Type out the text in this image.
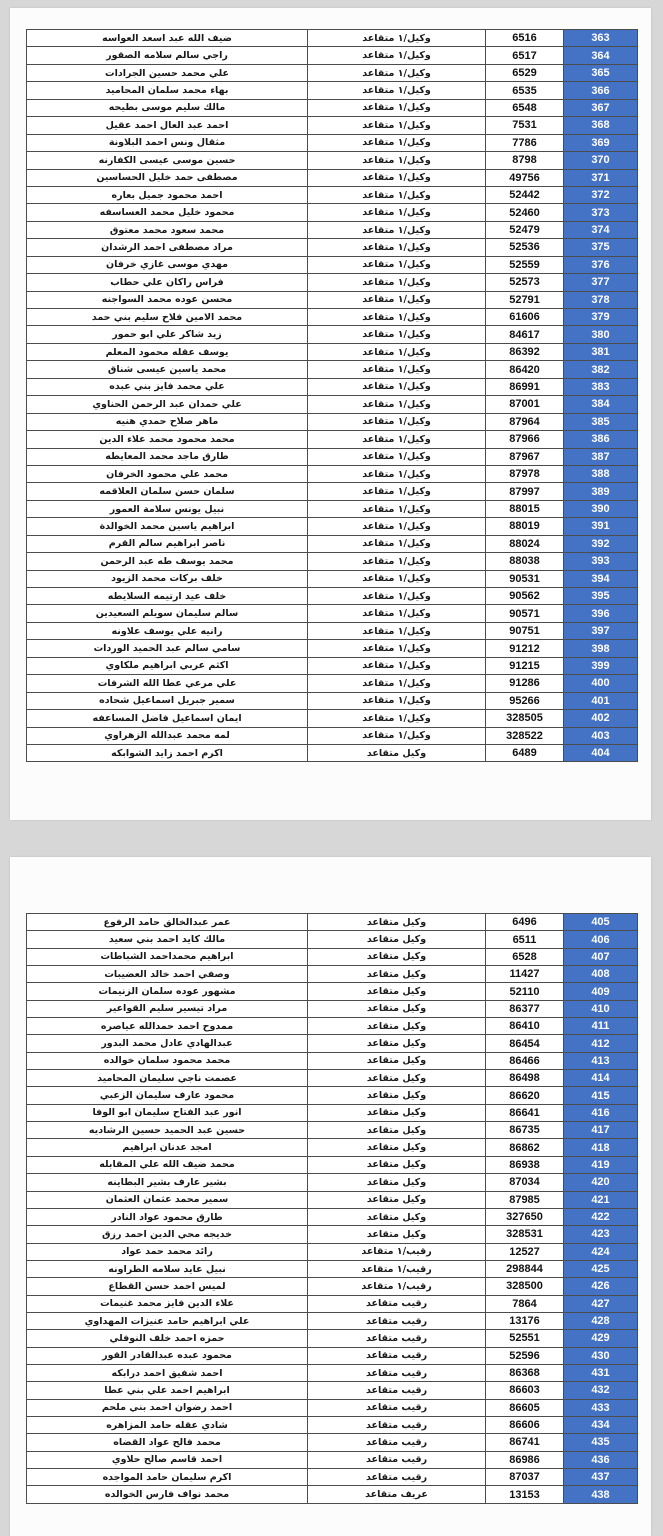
ضيف الله عبد اسعد العواسه	وكيل/١ متقاعد	6516	363
راجي سالم سلامه الصقور	وكيل/١ متقاعد	6517	364
علي محمد حسين الجرادات	وكيل/١ متقاعد	6529	365
بهاء محمد سلمان المحاميد	وكيل/١ متقاعد	6535	366
مالك سليم موسى بطيحه	وكيل/١ متقاعد	6548	367
احمد عبد العال احمد عقيل	وكيل/١ متقاعد	7531	368
مثقال ونس احمد البلاونة	وكيل/١ متقاعد	7786	369
حسين موسى عيسى الكفارنه	وكيل/١ متقاعد	8798	370
مصطفى حمد خليل الحساسين	وكيل/١ متقاعد	49756	371
احمد محمود جميل بعاره	وكيل/١ متقاعد	52442	372
محمود خليل محمد العساسفه	وكيل/١ متقاعد	52460	373
محمد سعود محمد معتوق	وكيل/١ متقاعد	52479	374
مراد مصطفى احمد الرشدان	وكيل/١ متقاعد	52536	375
مهدي موسى غازي خرفان	وكيل/١ متقاعد	52559	376
فراس راكان علي حطاب	وكيل/١ متقاعد	52573	377
محسن عوده محمد السواجنه	وكيل/١ متقاعد	52791	378
محمد الامين فلاح سليم بني حمد	وكيل/١ متقاعد	61606	379
زيد شاكر علي ابو حمور	وكيل/١ متقاعد	84617	380
يوسف عقله محمود المعلم	وكيل/١ متقاعد	86392	381
محمد ياسين عيسى شناق	وكيل/١ متقاعد	86420	382
علي محمد فايز بني عبده	وكيل/١ متقاعد	86991	383
علي حمدان عبد الرحمن الحناوي	وكيل/١ متقاعد	87001	384
ماهر صلاح حمدي هنيه	وكيل/١ متقاعد	87964	385
محمد محمود محمد علاء الدين	وكيل/١ متقاعد	87966	386
طارق ماجد محمد المعايطه	وكيل/١ متقاعد	87967	387
محمد علي محمود الخرفان	وكيل/١ متقاعد	87978	388
سلمان حسن سلمان العلاقمه	وكيل/١ متقاعد	87997	389
نبيل يونس سلامة العمور	وكيل/١ متقاعد	88015	390
ابراهيم ياسين محمد الخوالدة	وكيل/١ متقاعد	88019	391
ناصر ابراهيم سالم القرم	وكيل/١ متقاعد	88024	392
محمد يوسف طه عبد الرحمن	وكيل/١ متقاعد	88038	393
خلف بركات محمد الزيود	وكيل/١ متقاعد	90531	394
خلف عيد ارتيمه السلايطه	وكيل/١ متقاعد	90562	395
سالم سليمان سويلم السعيدين	وكيل/١ متقاعد	90571	396
رانيه علي يوسف علاونه	وكيل/١ متقاعد	90751	397
سامي سالم عبد الحميد الوردات	وكيل/١ متقاعد	91212	398
اكثم عربي ابراهيم ملكاوي	وكيل/١ متقاعد	91215	399
علي مرعي عطا الله الشرفات	وكيل/١ متقاعد	91286	400
سمير جبريل اسماعيل شحاده	وكيل/١ متقاعد	95266	401
ايمان اسماعيل فاضل المساعفه	وكيل/١ متقاعد	328505	402
لمه محمد عبدالله الزهراوي	وكيل/١ متقاعد	328522	403
اكرم احمد زايد الشوابكه	وكيل متقاعد	6489	404
عمر عبدالخالق حامد الرفوع	وكيل متقاعد	6496	405
مالك كايد احمد بني سعيد	وكيل متقاعد	6511	406
ابراهيم محمداحمد الشباطات	وكيل متقاعد	6528	407
وصفي احمد خالد العضيبات	وكيل متقاعد	11427	408
مشهور عوده سلمان الزنيمات	وكيل متقاعد	52110	409
مراد تيسير سليم القواعير	وكيل متقاعد	86377	410
ممدوح احمد حمدالله عياصره	وكيل متقاعد	86410	411
عبدالهادي عادل محمد البدور	وكيل متقاعد	86454	412
محمد محمود سلمان خوالده	وكيل متقاعد	86466	413
عصمت ناجي سليمان المحاميد	وكيل متقاعد	86498	414
محمود عارف سليمان الزعبي	وكيل متقاعد	86620	415
انور عبد الفتاح سليمان ابو الوفا	وكيل متقاعد	86641	416
حسين عبد الحميد حسين الرشاديه	وكيل متقاعد	86735	417
امجد عدنان ابراهيم	وكيل متقاعد	86862	418
محمد ضيف الله علي المقابله	وكيل متقاعد	86938	419
بشير عارف بشير البطاينه	وكيل متقاعد	87034	420
سمير محمد عثمان العثمان	وكيل متقاعد	87985	421
طارق محمود عواد النادر	وكيل متقاعد	327650	422
خديجه محي الدين احمد رزق	وكيل متقاعد	328531	423
رائد محمد حمد عواد	رقيب/١ متقاعد	12527	424
نبيل عايد سلامه الطراونه	رقيب/١ متقاعد	298844	425
لميس احمد حسن القطاع	رقيب/١ متقاعد	328500	426
علاء الدين فايز محمد غنيمات	رقيب متقاعد	7864	427
علي ابراهيم حامد عنيزات المهداوي	رقيب متقاعد	13176	428
حمزه احمد خلف النوفلي	رقيب متقاعد	52551	429
محمود عبده عبدالقادر القور	رقيب متقاعد	52596	430
احمد شفيق احمد درابكه	رقيب متقاعد	86368	431
ابراهيم احمد علي بني عطا	رقيب متقاعد	86603	432
احمد رضوان احمد بني ملحم	رقيب متقاعد	86605	433
شادي عقله حامد المزاهره	رقيب متقاعد	86606	434
محمد فالح عواد القضاه	رقيب متقاعد	86741	435
احمد قاسم صالح حلاوي	رقيب متقاعد	86986	436
اكرم سليمان حامد المواجده	رقيب متقاعد	87037	437
محمد نواف فارس الخوالده	عريف متقاعد	13153	438
